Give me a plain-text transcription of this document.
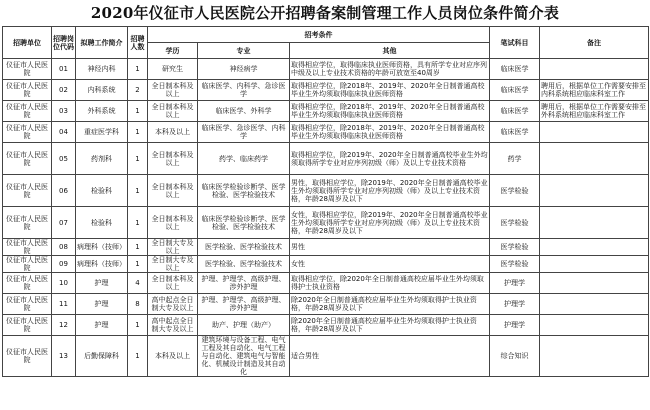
2020年仪征市人民医院公开招聘备案制管理工作人员岗位条件简介表
招聘单位	招聘岗位代码	拟聘工作简介	招聘人数	招考条件			笔试科目	备注
				学历	专业	其他		
仪征市人民医院	01	神经内科	1	研究生	神经病学	取得相应学位，取得临床执业医师资格，具有所学专业对应序列中级及以上专业技术资格的年龄可放宽至40周岁	临床医学	
仪征市人民医院	02	内科系统	2	全日制本科及以上	临床医学、内科学、急诊医学	取得相应学位，除2018年、2019年、2020年全日制普通高校毕业生外均须取得临床执业医师资格	临床医学	聘用后，根据单位工作需要安排至内科系统相应临床科室工作
仪征市人民医院	03	外科系统	1	全日制本科及以上	临床医学、外科学	取得相应学位，除2018年、2019年、2020年全日制普通高校毕业生外均须取得临床执业医师资格	临床医学	聘用后，根据单位工作需要安排至外科系统相应临床科室工作
仪征市人民医院	04	重症医学科	1	本科及以上	临床医学、急诊医学、内科学	取得相应学位，除2018年、2019年、2020年全日制普通高校毕业生外均须取得临床执业医师资格	临床医学	
仪征市人民医院	05	药剂科	1	全日制本科及以上	药学、临床药学	取得相应学位，除2019年、2020年全日制普通高校毕业生外均须取得所学专业对应序列初级（师）及以上专业技术资格	药学	
仪征市人民医院	06	检验科	1	全日制本科及以上	临床医学检验诊断学、医学检验、医学检验技术	男性，取得相应学位，除2019年、2020年全日制普通高校毕业生外均须取得所学专业对应序列初级（师）及以上专业技术资格，年龄28周岁及以下	医学检验	
仪征市人民医院	07	检验科	1	全日制本科及以上	临床医学检验诊断学、医学检验、医学检验技术	女性，取得相应学位，除2019年、2020年全日制普通高校毕业生外均须取得所学专业对应序列初级（师）及以上专业技术资格，年龄28周岁及以下	医学检验	
仪征市人民医院	08	病理科（技师）	1	全日制大专及以上	医学检验、医学检验技术	男性	医学检验	
仪征市人民医院	09	病理科（技师）	1	全日制大专及以上	医学检验、医学检验技术	女性	医学检验	
仪征市人民医院	10	护理	4	全日制本科及以上	护理、护理学、高级护理、涉外护理	取得相应学位，除2020年全日制普通高校应届毕业生外均须取得护士执业资格	护理学	
仪征市人民医院	11	护理	8	高中起点全日制大专及以上	护理、护理学、高级护理、涉外护理	除2020年全日制普通高校应届毕业生外均须取得护士执业资格，年龄28周岁及以下	护理学	
仪征市人民医院	12	护理	1	高中起点全日制大专及以上	助产、护理（助产）	除2020年全日制普通高校应届毕业生外均须取得护士执业资格，年龄28周岁及以下	护理学	
仪征市人民医院	13	后勤保障科	1	本科及以上	建筑环境与设备工程、电气工程及其自动化、电气工程与自动化、建筑电气与智能化、机械设计制造及其自动化	适合男性	综合知识	
